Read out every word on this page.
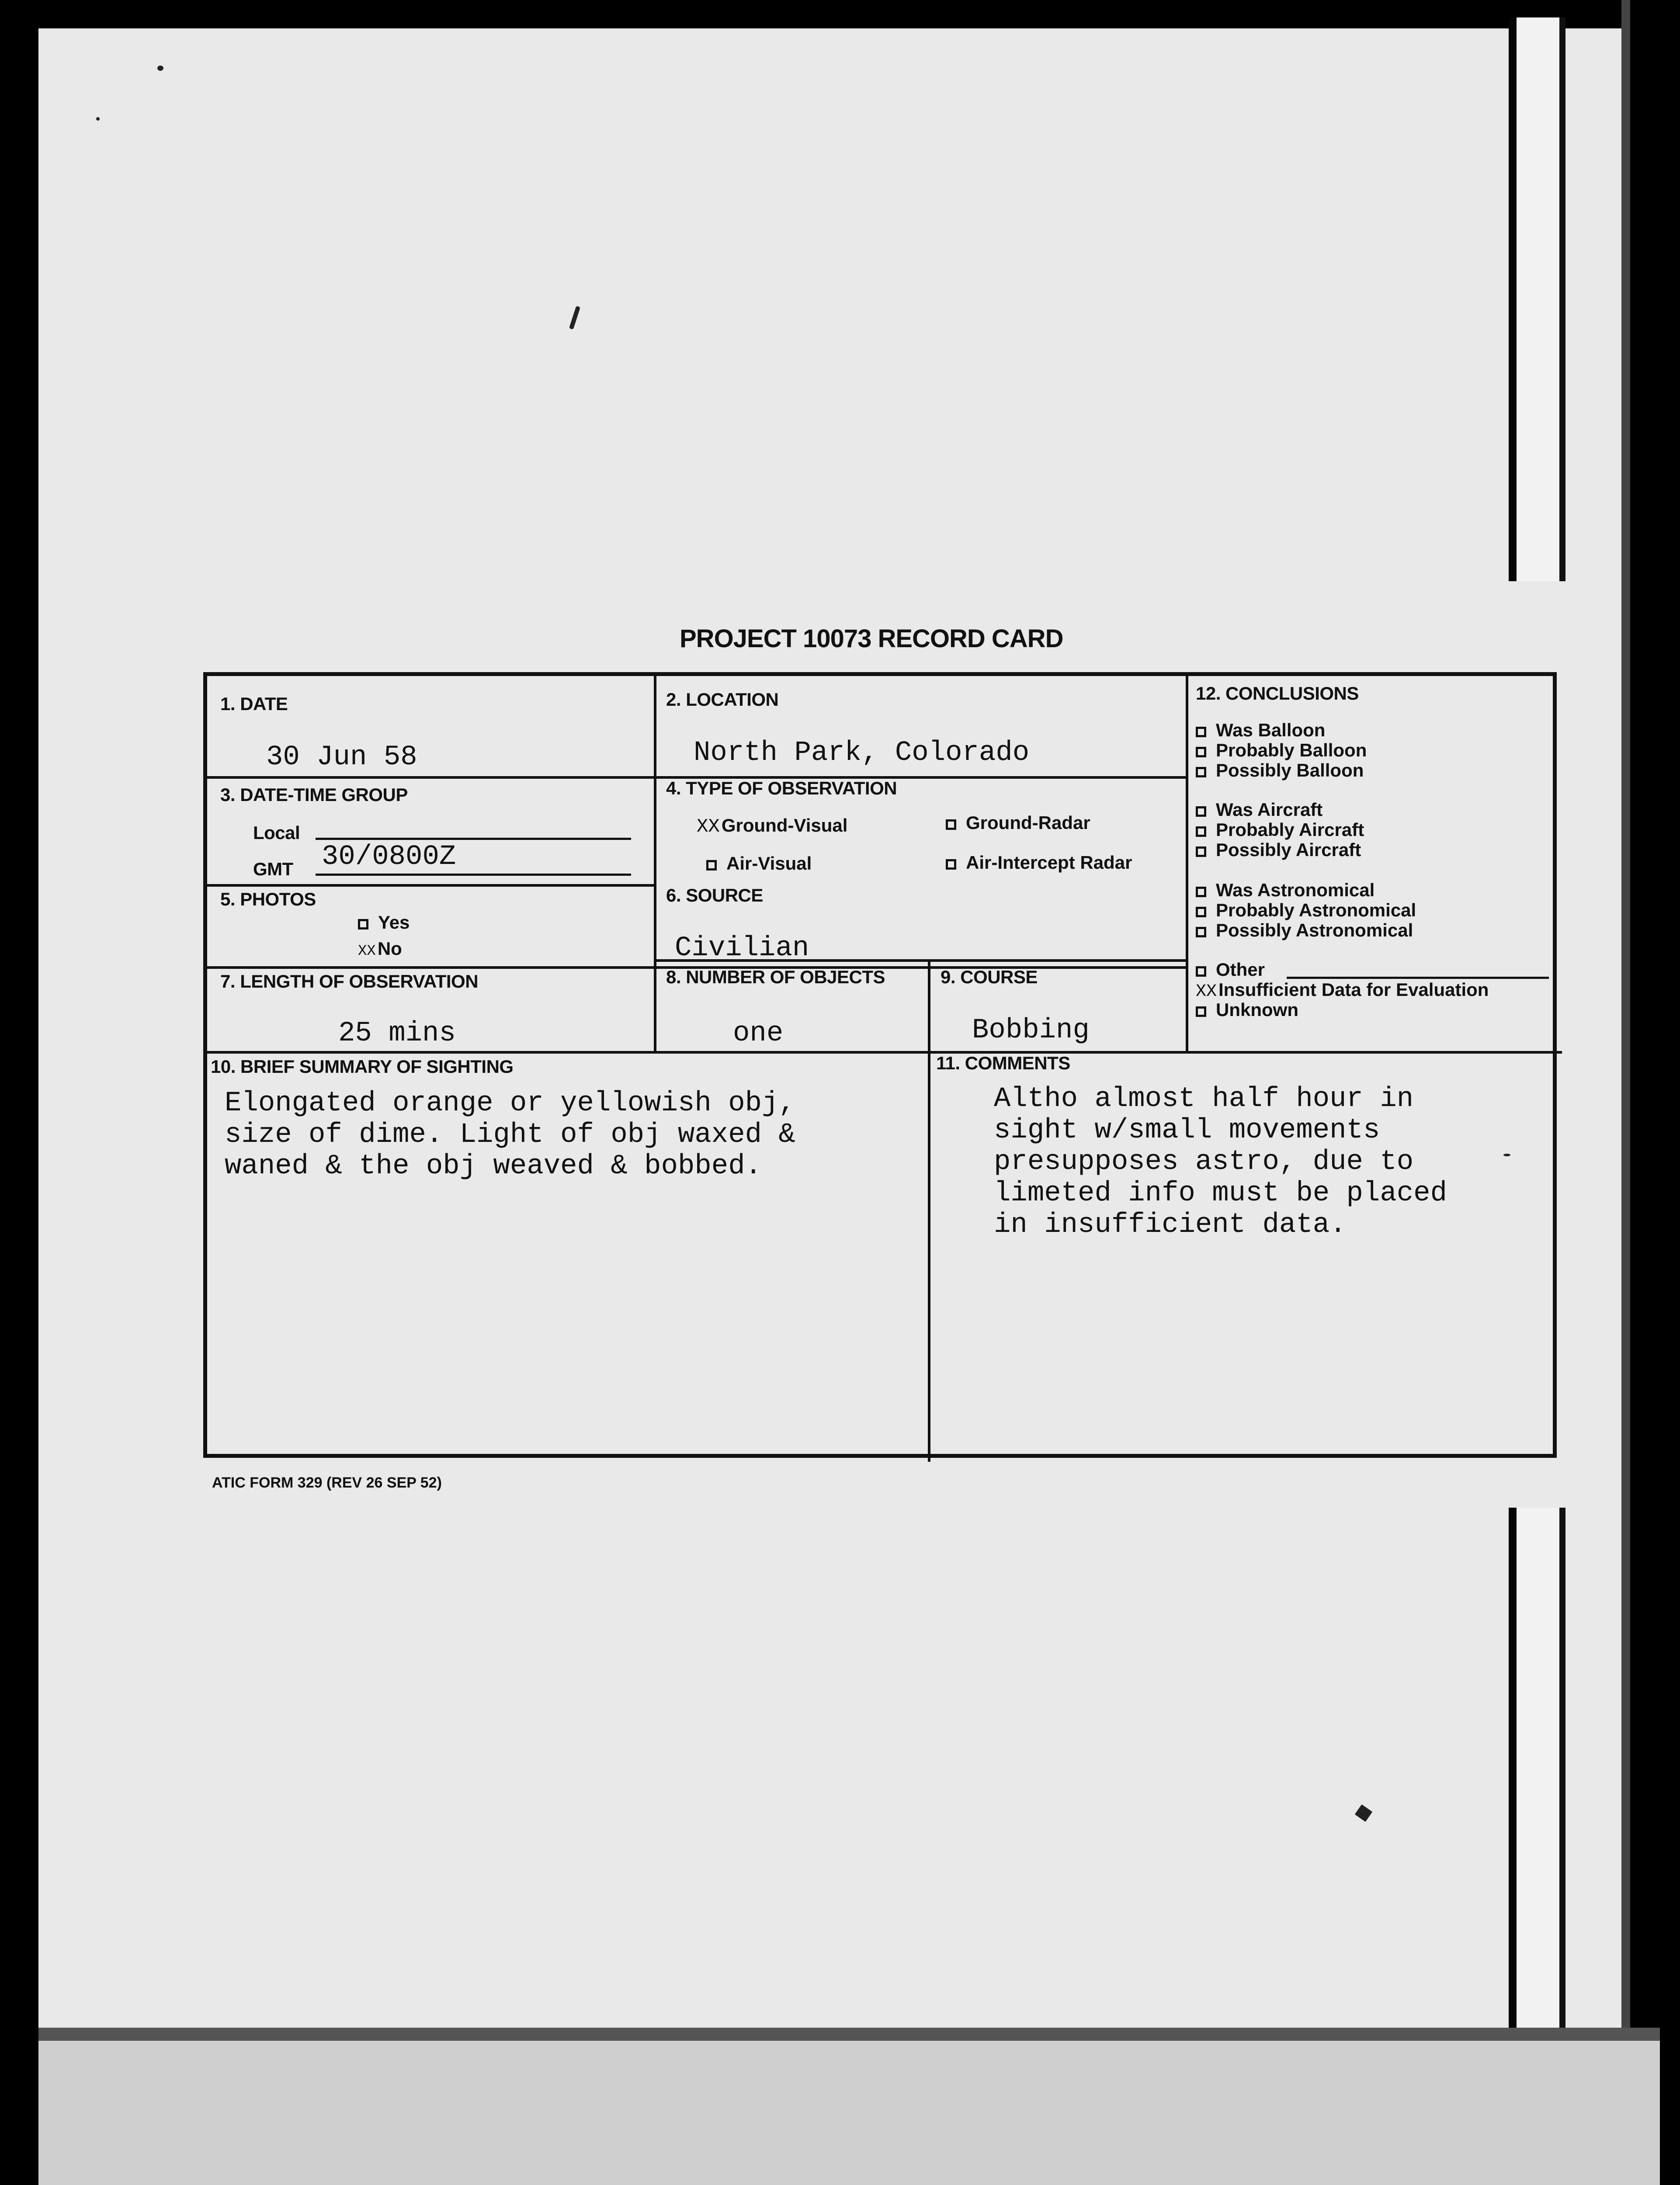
PROJECT 10073 RECORD CARD
1. DATE
30 Jun 58
2. LOCATION
North Park, Colorado
3. DATE-TIME GROUP
Local
GMT 30/0800Z
4. TYPE OF OBSERVATION
XXGround-Visual	Ground-Radar
Air-Visual	Air-Intercept Radar
5. PHOTOS
Yes
XXNo
6. SOURCE
Civilian
7. LENGTH OF OBSERVATION
25 mins
8. NUMBER OF OBJECTS
one
9. COURSE
Bobbing
10. BRIEF SUMMARY OF SIGHTING
Elongated orange or yellowish obj,
size of dime. Light of obj waxed &
waned & the obj weaved & bobbed.
11. COMMENTS
Altho almost half hour in
sight w/small movements
presupposes astro, due to
limeted info must be placed
in insufficient data.
12. CONCLUSIONS
Was Balloon
Probably Balloon
Possibly Balloon
Was Aircraft
Probably Aircraft
Possibly Aircraft
Was Astronomical
Probably Astronomical
Possibly Astronomical
Other
XXInsufficient Data for Evaluation
Unknown
ATIC FORM 329 (REV 26 SEP 52)
